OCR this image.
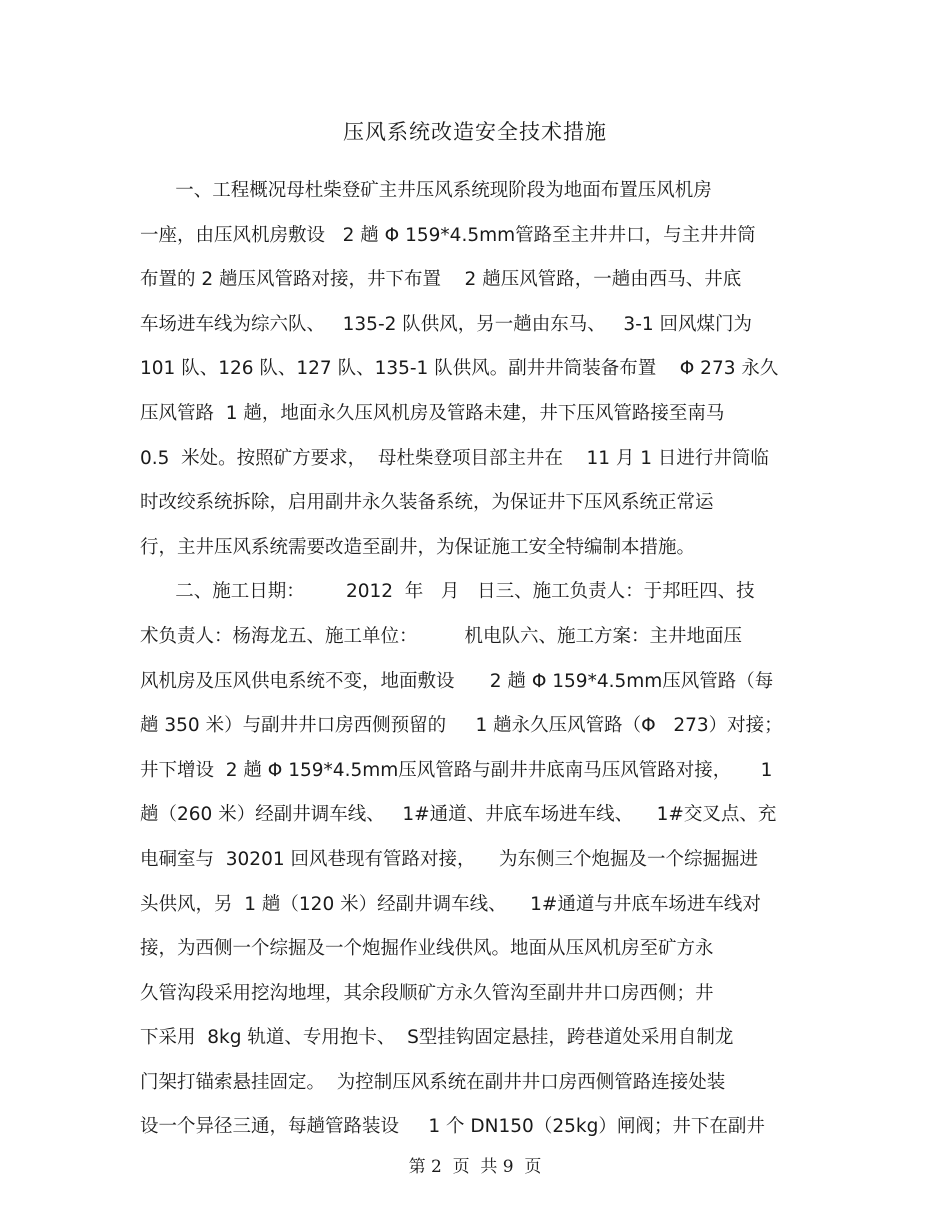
压风系统改造安全技术措施
一、工程概况母杜柴登矿主井压风系统现阶段为地面布置压风机房
一座，由压风机房敷设   2 趟 Φ 159*4.5mm管路至主井井口，与主井井筒
布置的 2 趟压风管路对接，井下布置    2 趟压风管路，一趟由西马、井底
车场进车线为综六队、   135-2 队供风，另一趟由东马、   3-1 回风煤门为
101 队、126 队、127 队、135-1 队供风。副井井筒装备布置    Φ 273 永久
压风管路  1 趟，地面永久压风机房及管路未建，井下压风管路接至南马
0.5  米处。按照矿方要求，  母杜柴登项目部主井在    11 月 1 日进行井筒临
时改绞系统拆除，启用副井永久装备系统，为保证井下压风系统正常运
行，主井压风系统需要改造至副井，为保证施工安全特编制本措施。
二、施工日期：       2012  年   月   日三、施工负责人：于邦旺四、技
术负责人：杨海龙五、施工单位：        机电队六、施工方案：主井地面压
风机房及压风供电系统不变，地面敷设      2 趟 Φ 159*4.5mm压风管路（每
趟 350 米）与副井井口房西侧预留的     1 趟永久压风管路（Φ   273）对接；
井下增设  2 趟 Φ 159*4.5mm压风管路与副井井底南马压风管路对接，     1
趟（260 米）经副井调车线、   1#通道、井底车场进车线、    1#交叉点、充
电硐室与  30201 回风巷现有管路对接，    为东侧三个炮掘及一个综掘掘进
头供风，另  1 趟（120 米）经副井调车线、    1#通道与井底车场进车线对
接，为西侧一个综掘及一个炮掘作业线供风。地面从压风机房至矿方永
久管沟段采用挖沟地埋，其余段顺矿方永久管沟至副井井口房西侧；井
下采用  8kg 轨道、专用抱卡、  S型挂钩固定悬挂，跨巷道处采用自制龙
门架打锚索悬挂固定。  为控制压风系统在副井井口房西侧管路连接处装
设一个异径三通，每趟管路装设     1 个 DN150（25kg）闸阀；井下在副井
第 2  页  共 9  页
